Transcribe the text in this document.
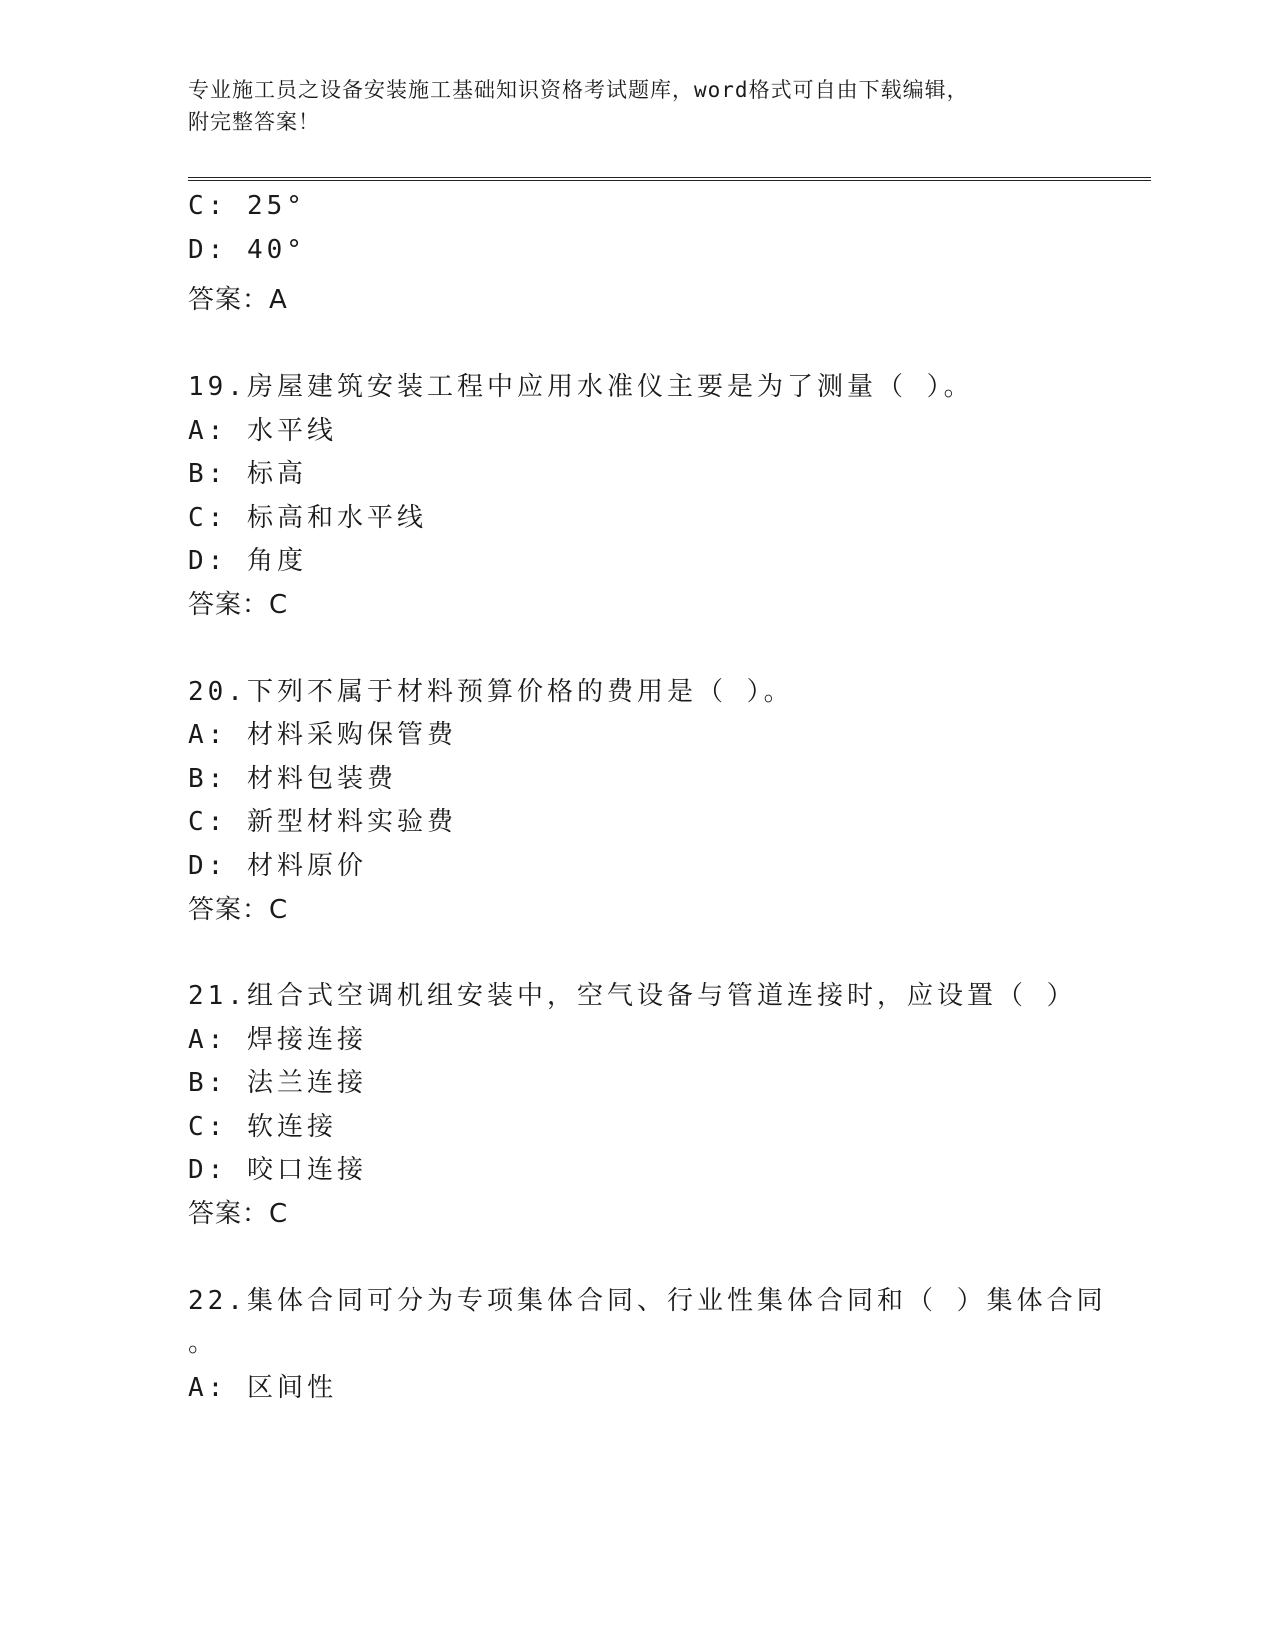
专业施工员之设备安装施工基础知识资格考试题库，word格式可自由下载编辑，
附完整答案！
C: 25°
D: 40°
答案：A
19.房屋建筑安装工程中应用水准仪主要是为了测量（ ）。
A: 水平线
B: 标高
C: 标高和水平线
D: 角度
答案：C
20.下列不属于材料预算价格的费用是（ ）。
A: 材料采购保管费
B: 材料包装费
C: 新型材料实验费
D: 材料原价
答案：C
21.组合式空调机组安装中，空气设备与管道连接时，应设置（ ）
A: 焊接连接
B: 法兰连接
C: 软连接
D: 咬口连接
答案：C
22.集体合同可分为专项集体合同、行业性集体合同和（ ）集体合同
。
A: 区间性
